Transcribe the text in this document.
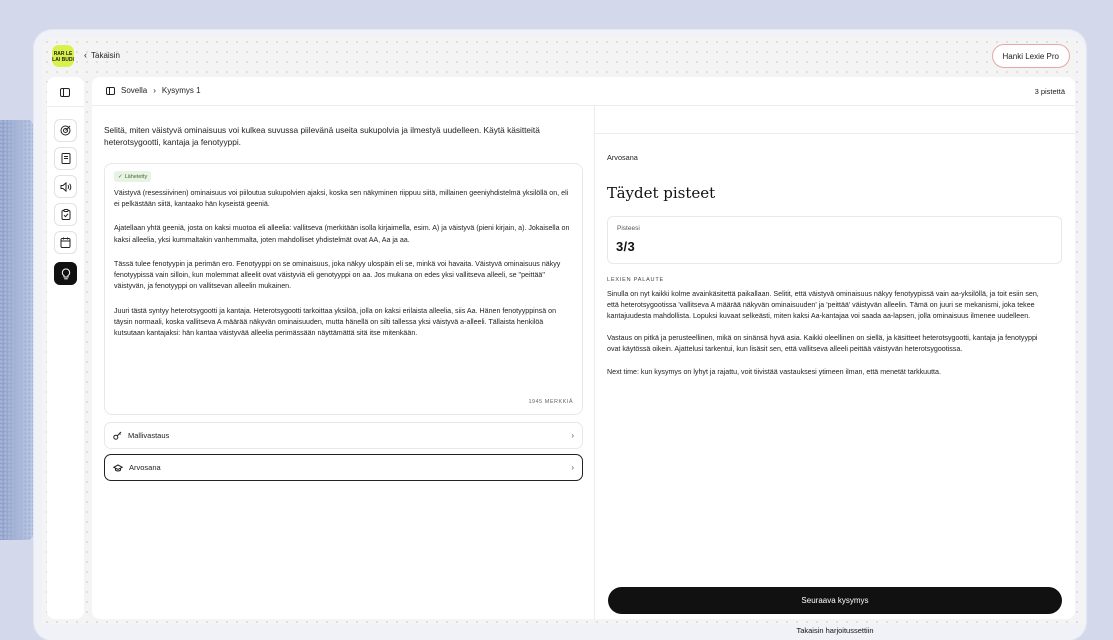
RAR LE
LAI BUDI ‹ Takaisin	Hanki Lexie Pro
Sovella › Kysymys 1	3 pistettä
Selitä, miten väistyvä ominaisuus voi kulkea suvussa piilevänä useita sukupolvia ja ilmestyä uudelleen. Käytä käsitteitä heterotsygootti, kantaja ja fenotyyppi.
✓ Lähetetty

Väistyvä (resessiivinen) ominaisuus voi piiloutua sukupolvien ajaksi, koska sen näkyminen riippuu siitä, millainen geeniyhdistelmä yksilöllä on, eli ei pelkästään siitä, kantaako hän kyseistä geeniä.

Ajatellaan yhtä geeniä, josta on kaksi muotoa eli alleelia: vallitseva (merkitään isolla kirjaimella, esim. A) ja väistyvä (pieni kirjain, a). Jokaisella on kaksi alleelia, yksi kummaltakin vanhemmalta, joten mahdolliset yhdistelmät ovat AA, Aa ja aa.

Tässä tulee fenotyypin ja perimän ero. Fenotyyppi on se ominaisuus, joka näkyy ulospäin eli se, minkä voi havaita. Väistyvä ominaisuus näkyy fenotyypissä vain silloin, kun molemmat alleelit ovat väistyviä eli genotyyppi on aa. Jos mukana on edes yksi vallitseva alleeli, se "peittää" väistyvän, ja fenotyyppi on vallitsevan alleelin mukainen.

Juuri tästä syntyy heterotsygootti ja kantaja. Heterotsygootti tarkoittaa yksilöä, jolla on kaksi erilaista alleelia, siis Aa. Hänen fenotyyppinsä on täysin normaali, koska vallitseva A määrää näkyvän ominaisuuden, mutta hänellä on silti tallessa yksi väistyvä a-alleeli. Tällaista henkilöä kutsutaan kantajaksi: hän kantaa väistyvää alleelia perimässään näyttämättä sitä itse mitenkään.

1945 MERKKIÄ
Mallivastaus	›
Arvosana	›
Arvosana
Täydet pisteet
Pisteesi
3/3
LEXIEN PALAUTE

Sinulla on nyt kaikki kolme avainkäsitettä paikallaan. Selitit, että väistyvä ominaisuus näkyy fenotyypissä vain aa-yksilöllä, ja toit esiin sen, että heterotsygootissa 'vallitseva A määrää näkyvän ominaisuuden' ja 'peittää' väistyvän alleelin. Tämä on juuri se mekanismi, joka tekee kantajuudesta mahdollista. Lopuksi kuvaat selkeästi, miten kaksi Aa-kantajaa voi saada aa-lapsen, jolla ominaisuus ilmenee uudelleen.

Vastaus on pitkä ja perusteellinen, mikä on sinänsä hyvä asia. Kaikki oleellinen on siellä, ja käsitteet heterotsygootti, kantaja ja fenotyyppi ovat käytössä oikein. Ajattelusi tarkentui, kun lisäsit sen, että vallitseva alleeli peittää väistyvän heterotsygootissa.

Next time: kun kysymys on lyhyt ja rajattu, voit tiivistää vastauksesi ytimeen ilman, että menetät tarkkuutta.

Seuraava kysymys
Takaisin harjoitussettiin
